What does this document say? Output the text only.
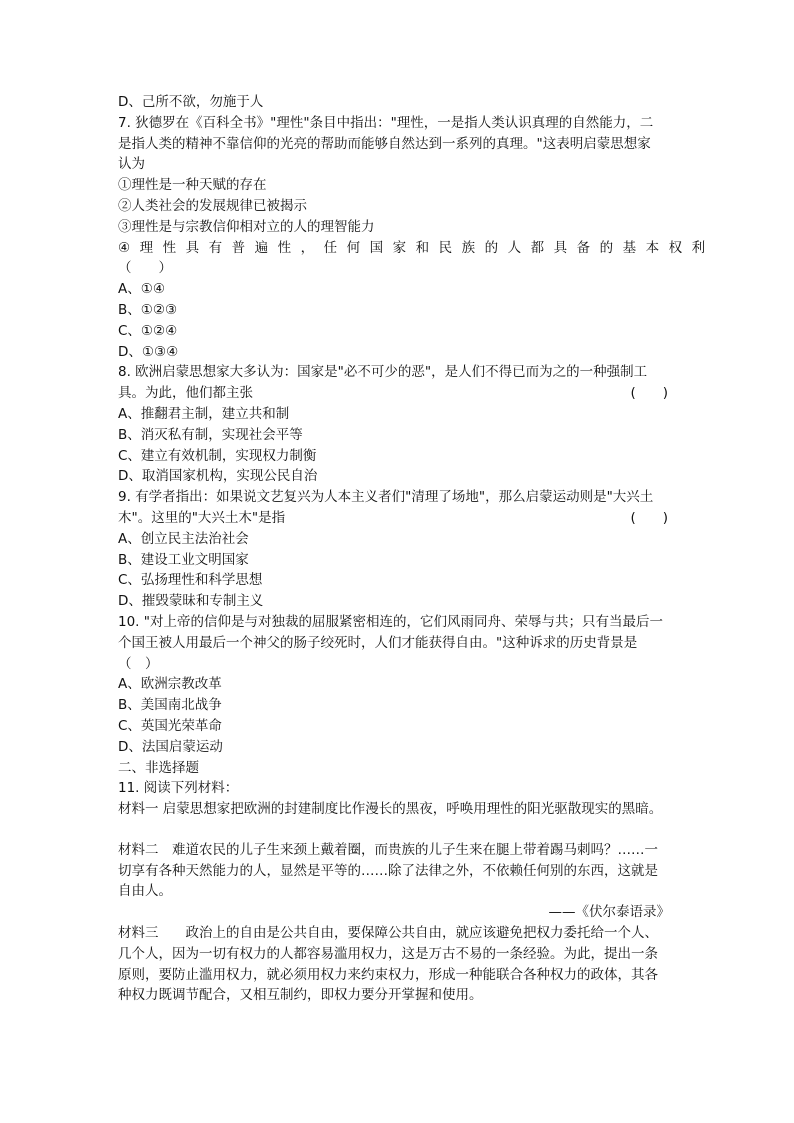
D、己所不欲，勿施于人
7. 狄德罗在《百科全书》"理性"条目中指出："理性，一是指人类认识真理的自然能力，二
是指人类的精神不靠信仰的光亮的帮助而能够自然达到一系列的真理。"这表明启蒙思想家
认为
①理性是一种天赋的存在
②人类社会的发展规律已被揭示
③理性是与宗教信仰相对立的人的理智能力
④理性具有普遍性，任何国家和民族的人都具备的基本权利
（　　）
A、①④
B、①②③
C、①②④
D、①③④
8. 欧洲启蒙思想家大多认为：国家是"必不可少的恶"，是人们不得已而为之的一种强制工
具。为此，他们都主张	(　　)
A、推翻君主制，建立共和制
B、消灭私有制，实现社会平等
C、建立有效机制，实现权力制衡
D、取消国家机构，实现公民自治
9. 有学者指出：如果说文艺复兴为人本主义者们"清理了场地"，那么启蒙运动则是"大兴土
木"。这里的"大兴土木"是指	(　　)
A、创立民主法治社会
B、建设工业文明国家
C、弘扬理性和科学思想
D、摧毁蒙昧和专制主义
10. "对上帝的信仰是与对独裁的屈服紧密相连的，它们风雨同舟、荣辱与共；只有当最后一
个国王被人用最后一个神父的肠子绞死时，人们才能获得自由。"这种诉求的历史背景是
（　）
A、欧洲宗教改革
B、美国南北战争
C、英国光荣革命
D、法国启蒙运动
二、非选择题
11. 阅读下列材料：
材料一 启蒙思想家把欧洲的封建制度比作漫长的黑夜，呼唤用理性的阳光驱散现实的黑暗。
材料二　难道农民的儿子生来颈上戴着圈，而贵族的儿子生来在腿上带着踢马刺吗？……一
切享有各种天然能力的人，显然是平等的……除了法律之外，不依赖任何别的东西，这就是
自由人。
——《伏尔泰语录》
材料三　　政治上的自由是公共自由，要保障公共自由，就应该避免把权力委托给一个人、
几个人，因为一切有权力的人都容易滥用权力，这是万古不易的一条经验。为此，提出一条
原则，要防止滥用权力，就必须用权力来约束权力，形成一种能联合各种权力的政体，其各
种权力既调节配合，又相互制约，即权力要分开掌握和使用。
